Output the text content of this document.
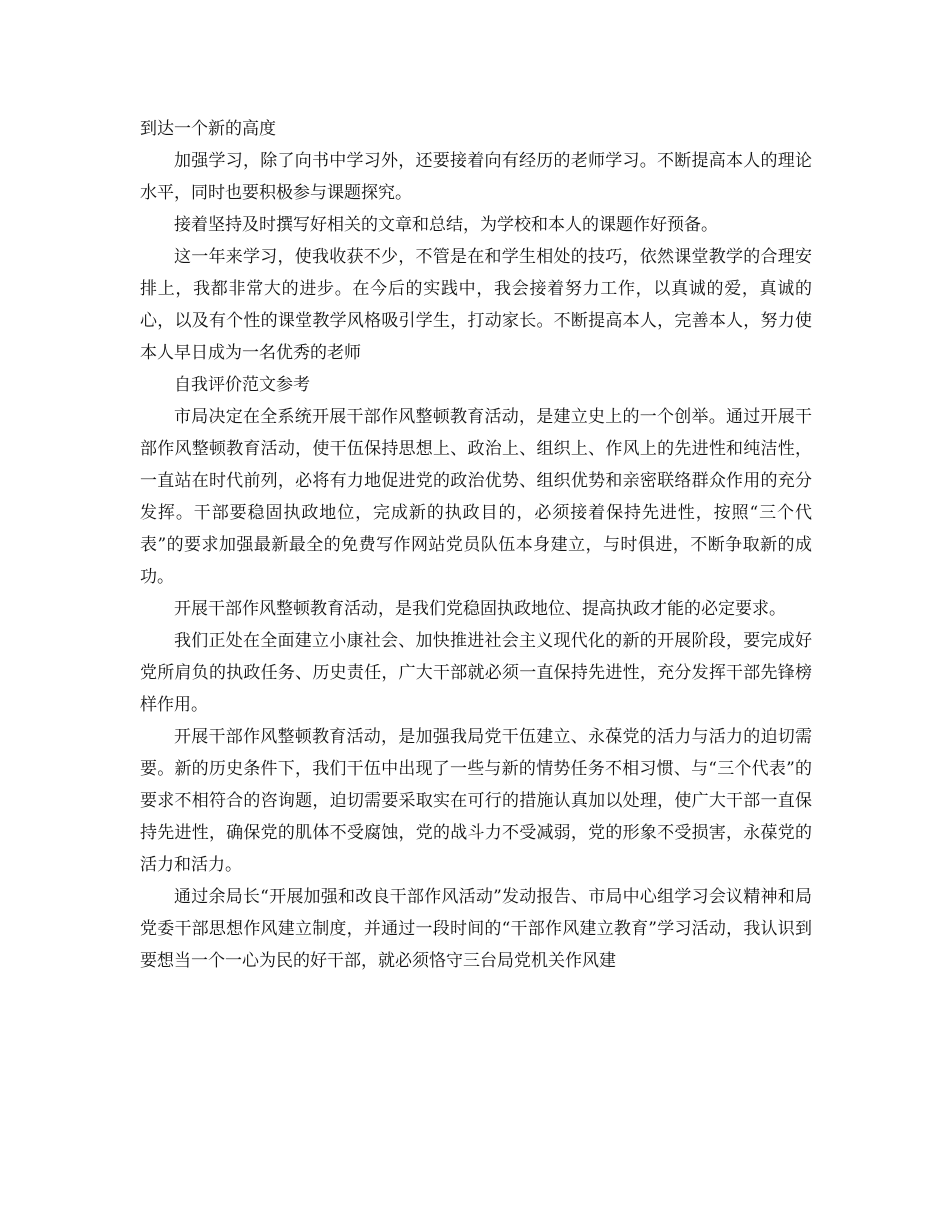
到达一个新的高度

加强学习，除了向书中学习外，还要接着向有经历的老师学习。不断提高本人的理论水平，同时也要积极参与课题探究。

接着坚持及时撰写好相关的文章和总结，为学校和本人的课题作好预备。

这一年来学习，使我收获不少，不管是在和学生相处的技巧，依然课堂教学的合理安排上，我都非常大的进步。在今后的实践中，我会接着努力工作，以真诚的爱，真诚的心，以及有个性的课堂教学风格吸引学生，打动家长。不断提高本人，完善本人，努力使本人早日成为一名优秀的老师

自我评价范文参考

市局决定在全系统开展干部作风整顿教育活动，是建立史上的一个创举。通过开展干部作风整顿教育活动，使干伍保持思想上、政治上、组织上、作风上的先进性和纯洁性，一直站在时代前列，必将有力地促进党的政治优势、组织优势和亲密联络群众作用的充分发挥。干部要稳固执政地位，完成新的执政目的，必须接着保持先进性，按照“三个代表”的要求加强最新最全的免费写作网站党员队伍本身建立，与时俱进，不断争取新的成功。

开展干部作风整顿教育活动，是我们党稳固执政地位、提高执政才能的必定要求。

我们正处在全面建立小康社会、加快推进社会主义现代化的新的开展阶段，要完成好党所肩负的执政任务、历史责任，广大干部就必须一直保持先进性，充分发挥干部先锋榜样作用。

开展干部作风整顿教育活动，是加强我局党干伍建立、永葆党的活力与活力的迫切需要。新的历史条件下，我们干伍中出现了一些与新的情势任务不相习惯、与“三个代表”的要求不相符合的咨询题，迫切需要采取实在可行的措施认真加以处理，使广大干部一直保持先进性，确保党的肌体不受腐蚀，党的战斗力不受减弱，党的形象不受损害，永葆党的活力和活力。

通过余局长“开展加强和改良干部作风活动”发动报告、市局中心组学习会议精神和局党委干部思想作风建立制度，并通过一段时间的“干部作风建立教育”学习活动，我认识到要想当一个一心为民的好干部，就必须恪守三台局党机关作风建
